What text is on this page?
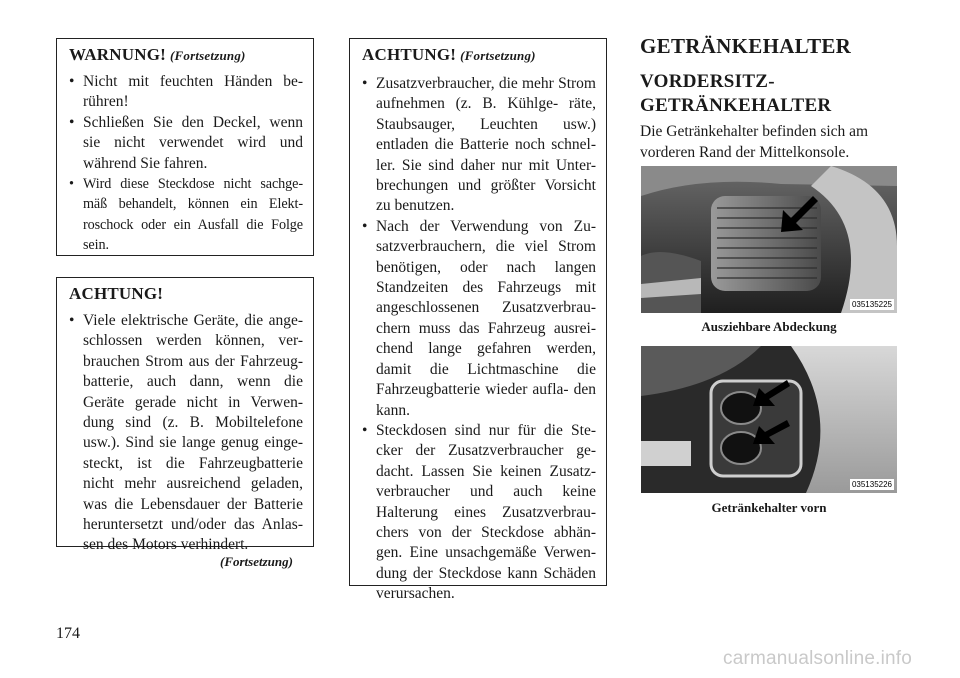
WARNUNG! (Fortsetzung)
• Nicht mit feuchten Händen be- rühren!
• Schließen Sie den Deckel, wenn sie nicht verwendet wird und während Sie fahren.
• Wird diese Steckdose nicht sachge- mäß behandelt, können ein Elekt- roschock oder ein Ausfall die Folge sein.
ACHTUNG!
• Viele elektrische Geräte, die ange- schlossen werden können, ver- brauchen Strom aus der Fahrzeug- batterie, auch dann, wenn die Geräte gerade nicht in Verwen- dung sind (z. B. Mobiltelefone usw.). Sind sie lange genug einge- steckt, ist die Fahrzeugbatterie nicht mehr ausreichend geladen, was die Lebensdauer der Batterie heruntersetzt und/oder das Anlas- sen des Motors verhindert.
(Fortsetzung)
ACHTUNG! (Fortsetzung)
• Zusatzverbraucher, die mehr Strom aufnehmen (z. B. Kühlge- räte, Staubsauger, Leuchten usw.) entladen die Batterie noch schnel- ler. Sie sind daher nur mit Unter- brechungen und größter Vorsicht zu benutzen.
• Nach der Verwendung von Zu- satzverbrauchern, die viel Strom benötigen, oder nach langen Standzeiten des Fahrzeugs mit angeschlossenen Zusatzverbrau- chern muss das Fahrzeug ausrei- chend lange gefahren werden, damit die Lichtmaschine die Fahrzeugbatterie wieder aufla- den kann.
• Steckdosen sind nur für die Ste- cker der Zusatzverbraucher ge- dacht. Lassen Sie keinen Zusatz- verbraucher und auch keine Halterung eines Zusatzverbrau- chers von der Steckdose abhän- gen. Eine unsachgemäße Verwen- dung der Steckdose kann Schäden verursachen.
GETRÄNKEHALTER
VORDERSITZ-
GETRÄNKEHALTER
Die Getränkehalter befinden sich am vorderen Rand der Mittelkonsole.
035135225
Ausziehbare Abdeckung
035135226
Getränkehalter vorn
174
carmanualsonline.info
